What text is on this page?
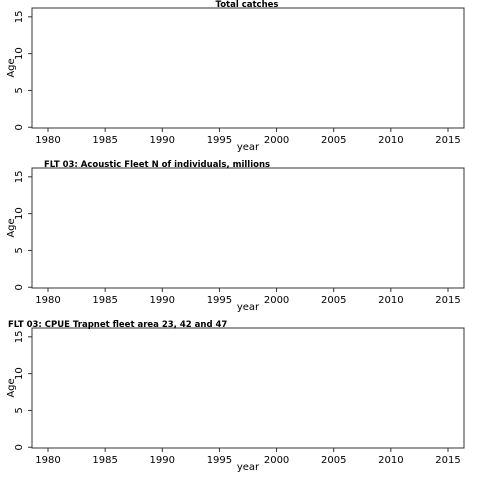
Total catches
1980	1985	1990	1995	2000	2005	2010	2015
0
5
10
15
year
Age
FLT 03: Acoustic Fleet N of individuals, millions
1980	1985	1990	1995	2000	2005	2010	2015
0
5
10
15
year
Age
FLT 03: CPUE Trapnet fleet area 23, 42 and 47
1980	1985	1990	1995	2000	2005	2010	2015
0
5
10
15
year
Age
